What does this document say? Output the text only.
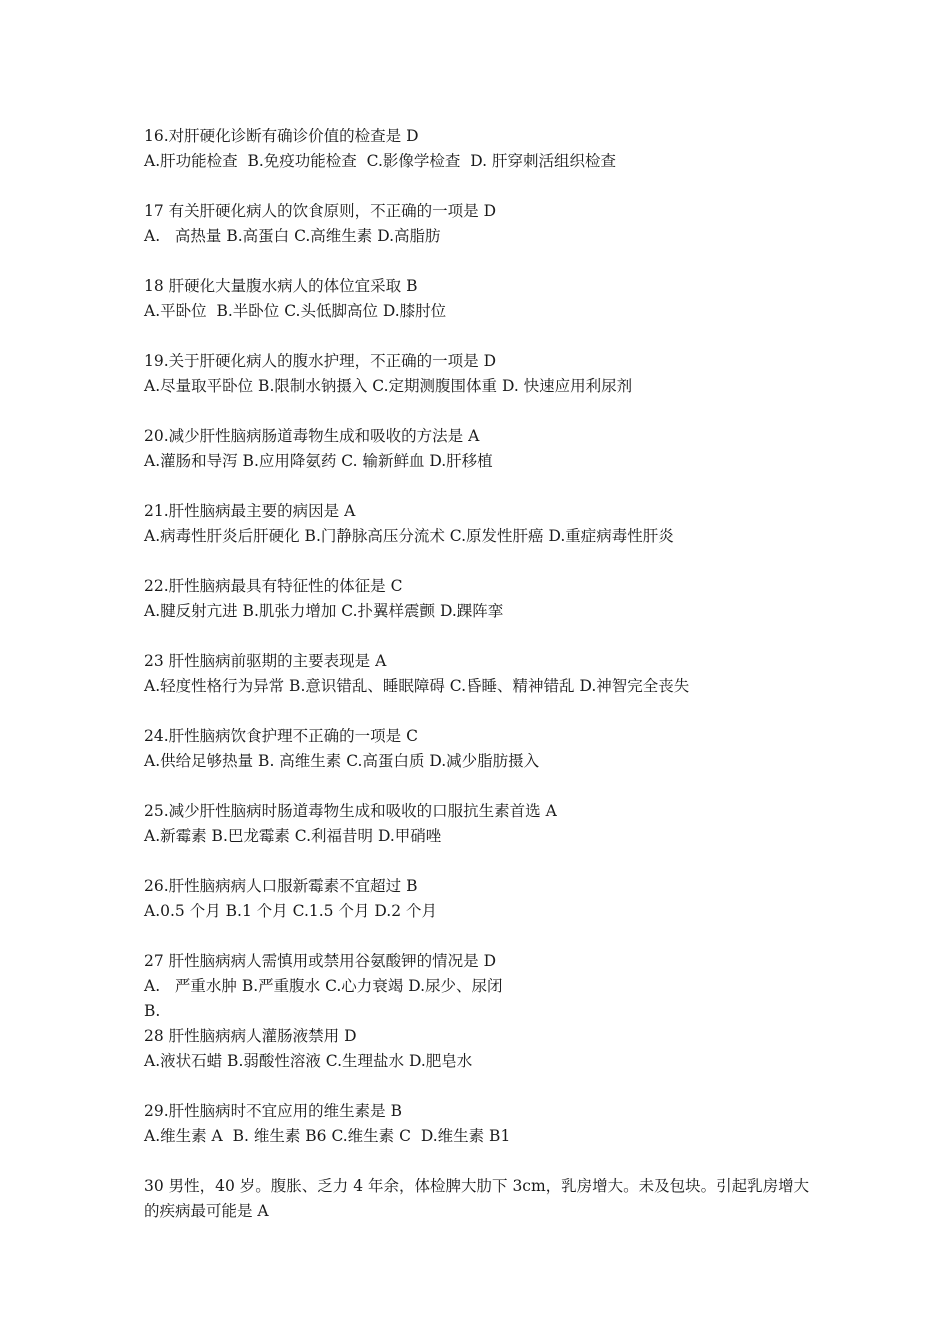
16.对肝硬化诊断有确诊价值的检查是 D
A.肝功能检查  B.免疫功能检查  C.影像学检查  D. 肝穿刺活组织检查
17 有关肝硬化病人的饮食原则，不正确的一项是 D
A.   高热量 B.高蛋白 C.高维生素 D.高脂肪
18 肝硬化大量腹水病人的体位宜采取 B
A.平卧位  B.半卧位 C.头低脚高位 D.膝肘位
19.关于肝硬化病人的腹水护理，不正确的一项是 D
A.尽量取平卧位 B.限制水钠摄入 C.定期测腹围体重 D. 快速应用利尿剂
20.减少肝性脑病肠道毒物生成和吸收的方法是 A
A.灌肠和导泻 B.应用降氨药 C. 输新鲜血 D.肝移植
21.肝性脑病最主要的病因是 A
A.病毒性肝炎后肝硬化 B.门静脉高压分流术 C.原发性肝癌 D.重症病毒性肝炎
22.肝性脑病最具有特征性的体征是 C
A.腱反射亢进 B.肌张力增加 C.扑翼样震颤 D.踝阵挛
23 肝性脑病前驱期的主要表现是 A
A.轻度性格行为异常 B.意识错乱、睡眠障碍 C.昏睡、精神错乱 D.神智完全丧失
24.肝性脑病饮食护理不正确的一项是 C
A.供给足够热量 B. 高维生素 C.高蛋白质 D.减少脂肪摄入
25.减少肝性脑病时肠道毒物生成和吸收的口服抗生素首选 A
A.新霉素 B.巴龙霉素 C.利福昔明 D.甲硝唑
26.肝性脑病病人口服新霉素不宜超过 B
A.0.5 个月 B.1 个月 C.1.5 个月 D.2 个月
27 肝性脑病病人需慎用或禁用谷氨酸钾的情况是 D
A.   严重水肿 B.严重腹水 C.心力衰竭 D.尿少、尿闭
B.
28 肝性脑病病人灌肠液禁用 D
A.液状石蜡 B.弱酸性溶液 C.生理盐水 D.肥皂水
29.肝性脑病时不宜应用的维生素是 B
A.维生素 A  B. 维生素 B6 C.维生素 C  D.维生素 B1
30 男性，40 岁。腹胀、乏力 4 年余，体检脾大肋下 3cm，乳房增大。未及包块。引起乳房增大的疾病最可能是 A
